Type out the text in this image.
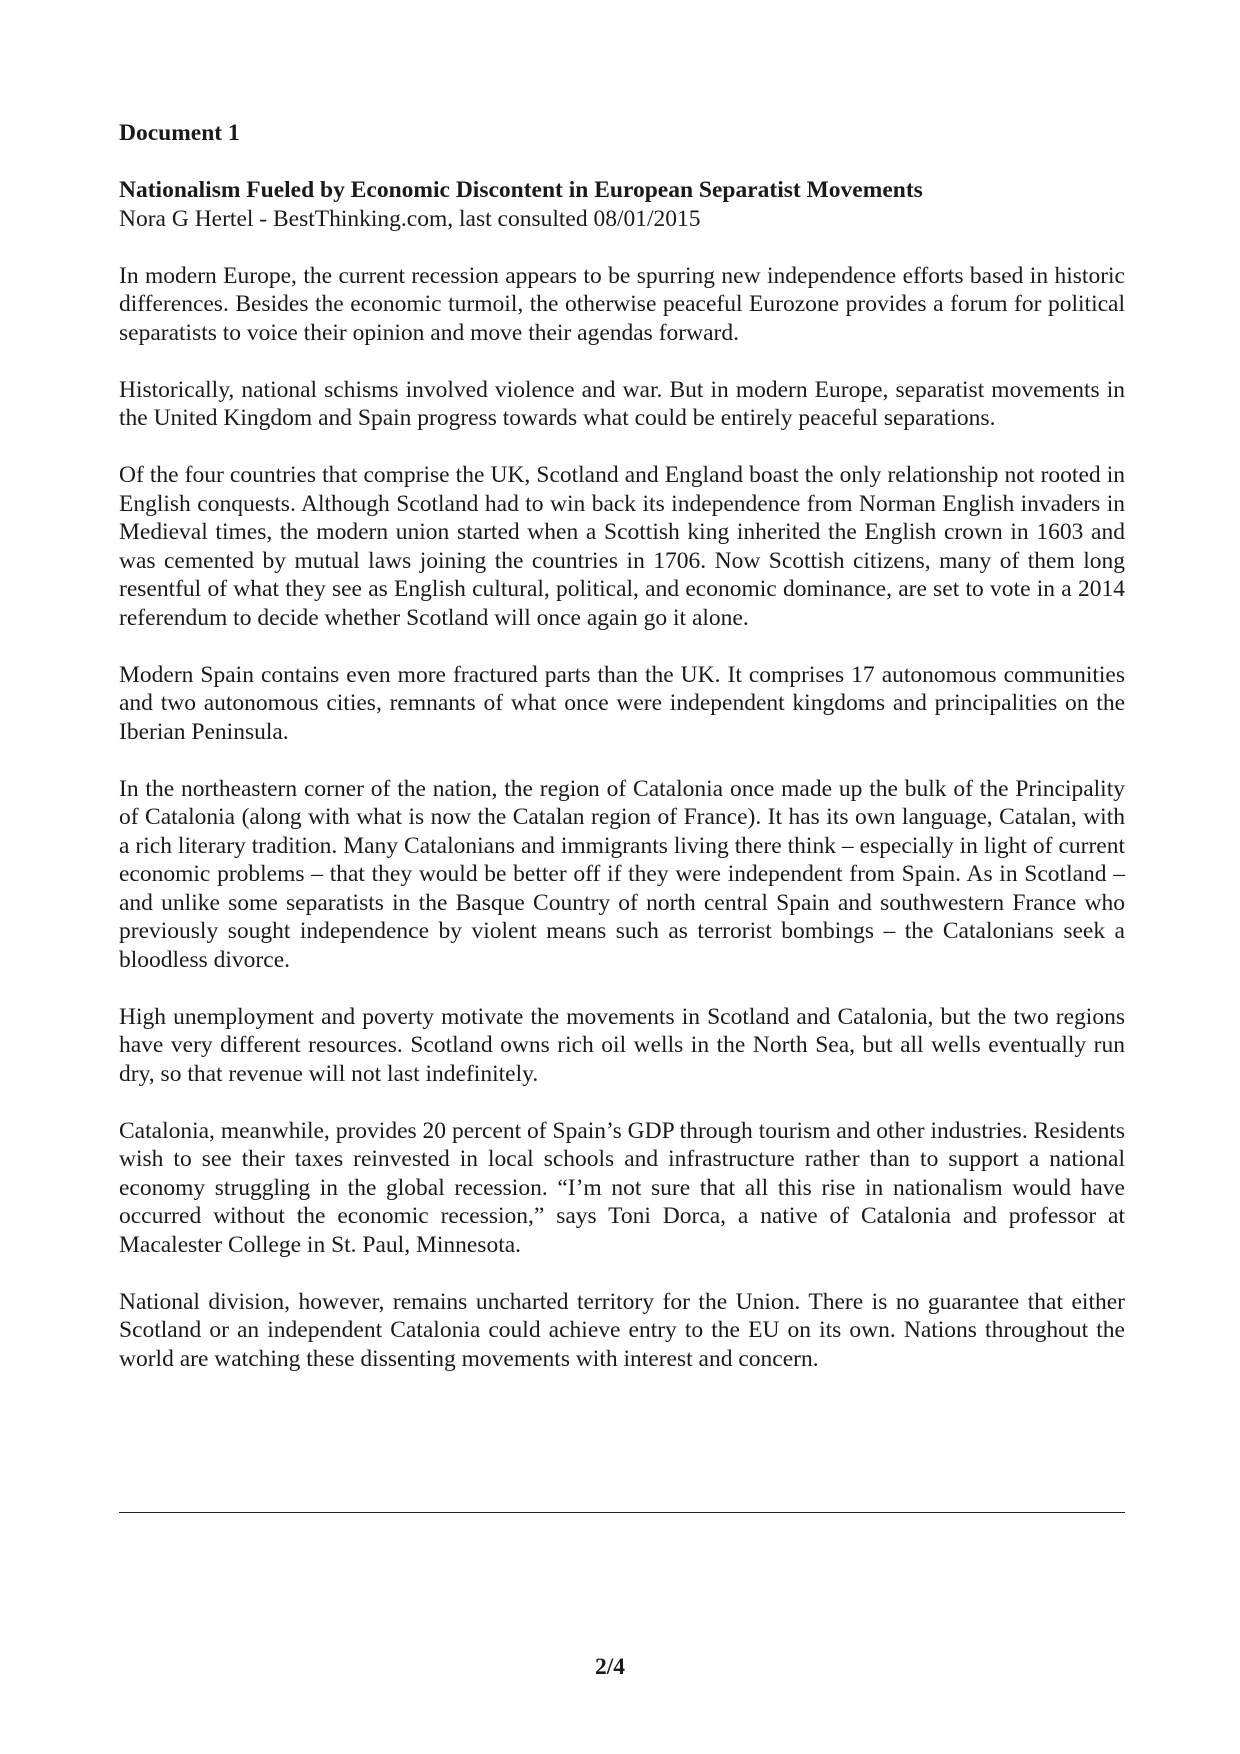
Document 1
Nationalism Fueled by Economic Discontent in European Separatist Movements
Nora G Hertel - BestThinking.com, last consulted 08/01/2015

In modern Europe, the current recession appears to be spurring new independence efforts based in historic differences. Besides the economic turmoil, the otherwise peaceful Eurozone provides a forum for political separatists to voice their opinion and move their agendas forward.

Historically, national schisms involved violence and war. But in modern Europe, separatist movements in the United Kingdom and Spain progress towards what could be entirely peaceful separations.

Of the four countries that comprise the UK, Scotland and England boast the only relationship not rooted in English conquests. Although Scotland had to win back its independence from Norman English invaders in Medieval times, the modern union started when a Scottish king inherited the English crown in 1603 and was cemented by mutual laws joining the countries in 1706. Now Scottish citizens, many of them long resentful of what they see as English cultural, political, and economic dominance, are set to vote in a 2014 referendum to decide whether Scotland will once again go it alone.

Modern Spain contains even more fractured parts than the UK. It comprises 17 autonomous communities and two autonomous cities, remnants of what once were independent kingdoms and principalities on the Iberian Peninsula.

In the northeastern corner of the nation, the region of Catalonia once made up the bulk of the Principality of Catalonia (along with what is now the Catalan region of France). It has its own language, Catalan, with a rich literary tradition. Many Catalonians and immigrants living there think – especially in light of current economic problems – that they would be better off if they were independent from Spain. As in Scotland – and unlike some separatists in the Basque Country of north central Spain and southwestern France who previously sought independence by violent means such as terrorist bombings – the Catalonians seek a bloodless divorce.

High unemployment and poverty motivate the movements in Scotland and Catalonia, but the two regions have very different resources. Scotland owns rich oil wells in the North Sea, but all wells eventually run dry, so that revenue will not last indefinitely.

Catalonia, meanwhile, provides 20 percent of Spain’s GDP through tourism and other industries. Residents wish to see their taxes reinvested in local schools and infrastructure rather than to support a national economy struggling in the global recession. “I’m not sure that all this rise in nationalism would have occurred without the economic recession,” says Toni Dorca, a native of Catalonia and professor at Macalester College in St. Paul, Minnesota.

National division, however, remains uncharted territory for the Union. There is no guarantee that either Scotland or an independent Catalonia could achieve entry to the EU on its own. Nations throughout the world are watching these dissenting movements with interest and concern.

2/4
